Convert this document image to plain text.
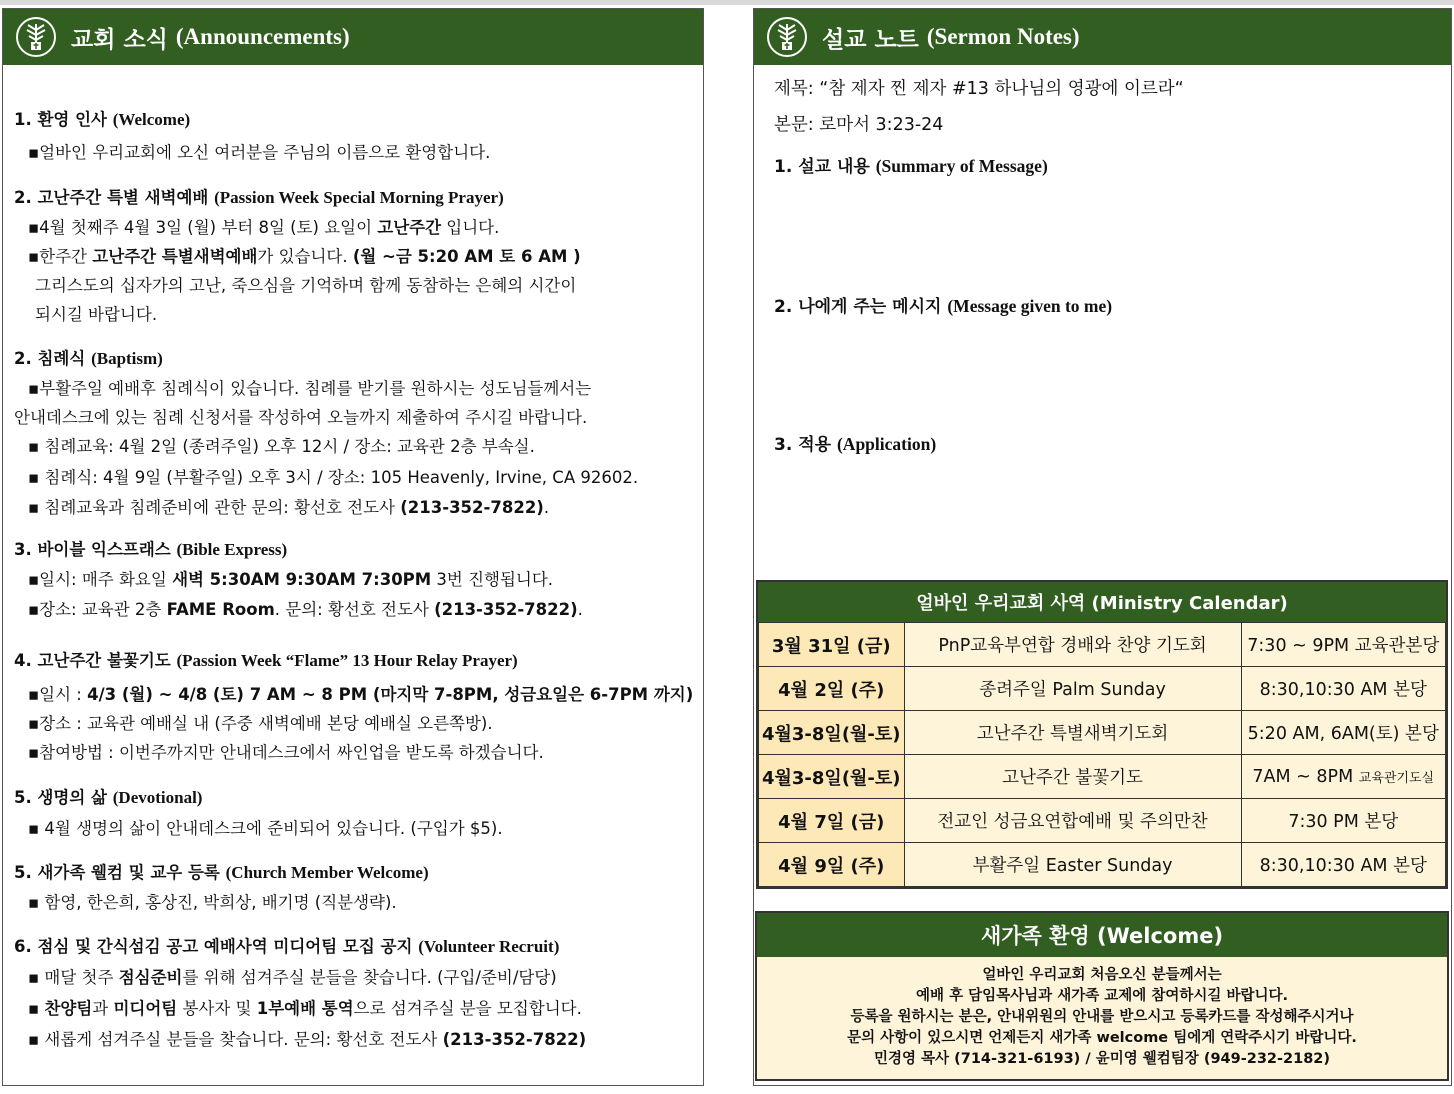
교회 소식 (Announcements)
1. 환영 인사 (Welcome)
▪얼바인 우리교회에 오신 여러분을 주님의 이름으로 환영합니다.
2. 고난주간 특별 새벽예배 (Passion Week Special Morning Prayer)
▪4월 첫째주 4월 3일 (월) 부터 8일 (토) 요일이 고난주간 입니다.
▪한주간 고난주간 특별새벽예배가 있습니다. (월 ~금 5:20 AM 토 6 AM )
그리스도의 십자가의 고난, 죽으심을 기억하며 함께 동참하는 은혜의 시간이
되시길 바랍니다.
2. 침례식 (Baptism)
▪부활주일 예배후 침례식이 있습니다. 침례를 받기를 원하시는 성도님들께서는
안내데스크에 있는 침례 신청서를 작성하여 오늘까지 제출하여 주시길 바랍니다.
▪ 침례교육: 4월 2일 (종려주일) 오후 12시 / 장소: 교육관 2층 부속실.
▪ 침례식: 4월 9일 (부활주일) 오후 3시 / 장소: 105 Heavenly, Irvine, CA 92602.
▪ 침례교육과 침례준비에 관한 문의: 황선호 전도사 (213-352-7822).
3. 바이블 익스프래스 (Bible Express)
▪일시: 매주 화요일 새벽 5:30AM 9:30AM 7:30PM 3번 진행됩니다.
▪장소: 교육관 2층 FAME Room. 문의: 황선호 전도사 (213-352-7822).
4. 고난주간 불꽃기도 (Passion Week “Flame” 13 Hour Relay Prayer)
▪일시 : 4/3 (월) ~ 4/8 (토) 7 AM ~ 8 PM (마지막 7-8PM, 성금요일은 6-7PM 까지)
▪장소 : 교육관 예배실 내 (주중 새벽예배 본당 예배실 오른쪽방).
▪참여방법 : 이번주까지만 안내데스크에서 싸인업을 받도록 하겠습니다.
5. 생명의 삶 (Devotional)
▪ 4월 생명의 삶이 안내데스크에 준비되어 있습니다. (구입가 $5).
5. 새가족 웰컴 및 교우 등록 (Church Member Welcome)
▪ 함영, 한은희, 홍상진, 박희상, 배기명 (직분생략).
6. 점심 및 간식섬김 공고 예배사역 미디어팀 모집 공지 (Volunteer Recruit)
▪ 매달 첫주 점심준비를 위해 섬겨주실 분들을 찾습니다. (구입/준비/담당)
▪ 찬양팀과 미디어팀 봉사자 및 1부예배 통역으로 섬겨주실 분을 모집합니다.
▪ 새롭게 섬겨주실 분들을 찾습니다. 문의: 황선호 전도사 (213-352-7822)
설교 노트 (Sermon Notes)
제목: “참 제자 찐 제자 #13 하나님의 영광에 이르라“
본문: 로마서 3:23-24
1. 설교 내용 (Summary of Message)
2. 나에게 주는 메시지 (Message given to me)
3. 적용 (Application)
얼바인 우리교회 사역 (Ministry Calendar)
3월 31일 (금)	PnP교육부연합 경배와 찬양 기도회	7:30 ~ 9PM 교육관본당
4월 2일 (주)	종려주일 Palm Sunday	8:30,10:30 AM 본당
4월3-8일(월-토)	고난주간 특별새벽기도회	5:20 AM, 6AM(토) 본당
4월3-8일(월-토)	고난주간 불꽃기도	7AM ~ 8PM 교육관기도실
4월 7일 (금)	전교인 성금요연합예배 및 주의만찬	7:30 PM 본당
4월 9일 (주)	부활주일 Easter Sunday	8:30,10:30 AM 본당
새가족 환영 (Welcome)
얼바인 우리교회 처음오신 분들께서는
예배 후 담임목사님과 새가족 교제에 참여하시길 바랍니다.
등록을 원하시는 분은, 안내위원의 안내를 받으시고 등록카드를 작성해주시거나
문의 사항이 있으시면 언제든지 새가족 welcome 팀에게 연락주시기 바랍니다.
민경영 목사 (714-321-6193) / 윤미영 웰컴팀장 (949-232-2182)
